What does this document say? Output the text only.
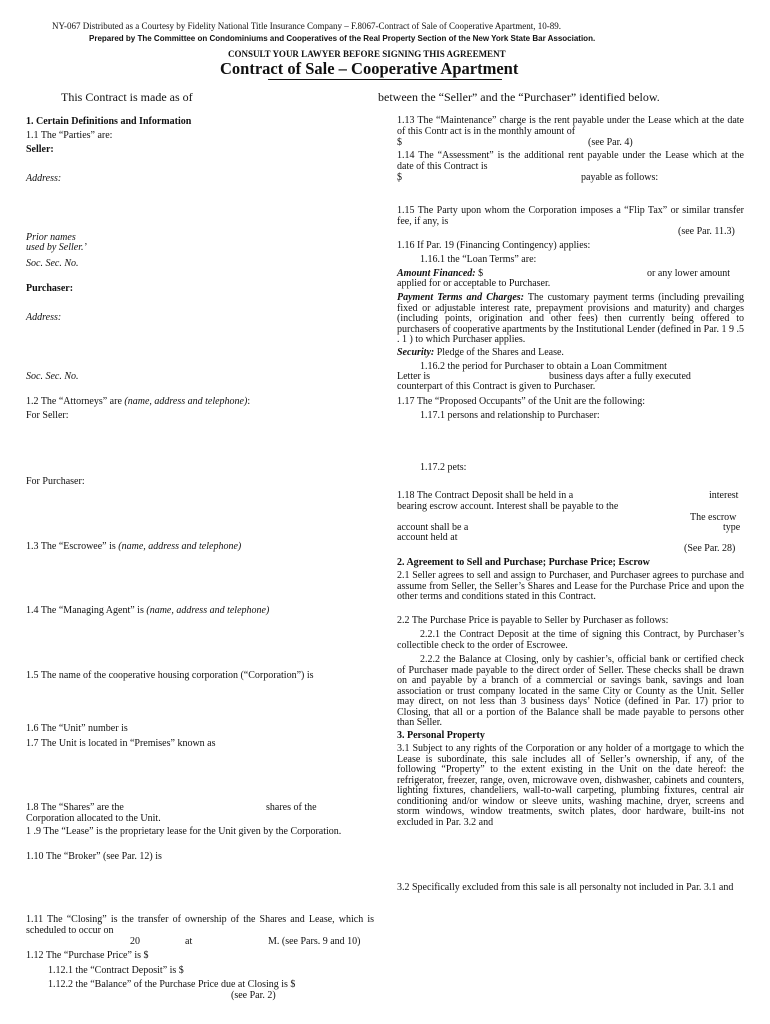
NY-067 Distributed as a Courtesy by Fidelity National Title Insurance Company – F.8067-Contract of Sale of Cooperative Apartment, 10-89.
Prepared by The Committee on Condominiums and Cooperatives of the Real Property Section of the New York State Bar Association.
CONSULT YOUR LAWYER BEFORE SIGNING THIS AGREEMENT
Contract of Sale – Cooperative Apartment
This Contract is made as of	between the “Seller” and the “Purchaser” identified below.
1. Certain Definitions and Information
1.1 The “Parties” are:
Seller:
Address:
Prior names
used by Seller.’
Soc. Sec. No.
Purchaser:
Address:
Soc. Sec. No.
1.2 The “Attorneys” are (name, address and telephone):
For Seller:
For Purchaser:
1.3 The “Escrowee” is (name, address and telephone)
1.4 The “Managing Agent” is (name, address and telephone)
1.5 The name of the cooperative housing corporation (“Corporation”) is
1.6 The “Unit” number is
1.7 The Unit is located in “Premises” known as
1.8 The “Shares” are the	shares of the
Corporation allocated to the Unit.
1 .9 The “Lease” is the proprietary lease for the Unit given by the Corporation.
1.10 The “Broker” (see Par. 12) is
1.11 The “Closing” is the transfer of ownership of the Shares and Lease, which is scheduled to occur on
20	at	M. (see Pars. 9 and 10)
1.12 The “Purchase Price” is $
1.12.1 the “Contract Deposit” is $
1.12.2 the “Balance” of the Purchase Price due at Closing is $
(see Par. 2)
1.13 The “Maintenance” charge is the rent payable under the Lease which at the date of this Contr act is in the monthly amount of
$	(see Par. 4)
1.14 The “Assessment” is the additional rent payable under the Lease which at the date of this Contract is
$	payable as follows:
`
1.15 The Party upon whom the Corporation imposes a “Flip Tax” or similar transfer fee, if any, is
(see Par. 11.3)
1.16 If Par. 19 (Financing Contingency) applies:
1.16.1 the “Loan Terms” are:
Amount Financed: $	or any lower amount
applied for or acceptable to Purchaser.
Payment Terms and Charges: The customary payment terms (including prevailing fixed or adjustable interest rate, prepayment provisions and maturity) and charges (including points, origination and other fees) then currently being offered to purchasers of cooperative apartments by the Institutional Lender (defined in Par. 1 9 .5 . 1 ) to which Purchaser applies.
Security: Pledge of the Shares and Lease.
1.16.2 the period for Purchaser to obtain a Loan Commitment
Letter is	business days after a fully executed
counterpart of this Contract is given to Purchaser.
1.17 The “Proposed Occupants” of the Unit are the following:
1.17.1 persons and relationship to Purchaser:
1.17.2 pets:
1.18 The Contract Deposit shall be held in a	interest
bearing escrow account. Interest shall be payable to the
The escrow
account shall be a	type
account held at
(See Par. 28)
2. Agreement to Sell and Purchase; Purchase Price; Escrow
2.1 Seller agrees to sell and assign to Purchaser, and Purchaser agrees to purchase and assume from Seller, the Seller’s Shares and Lease for the Purchase Price and upon the other terms and conditions stated in this Contract.
2.2 The Purchase Price is payable to Seller by Purchaser as follows:
2.2.1 the Contract Deposit at the time of signing this Contract, by Purchaser’s collectible check to the order of Escrowee.
2.2.2 the Balance at Closing, only by cashier’s, official bank or certified check of Purchaser made payable to the direct order of Seller. These checks shall be drawn on and payable by a branch of a commercial or savings bank, savings and loan association or trust company located in the same City or County as the Unit. Seller may direct, on not less than 3 business days’ Notice (defined in Par. 17) prior to Closing, that all or a portion of the Balance shall be made payable to persons other than Seller.
3. Personal Property
3.1 Subject to any rights of the Corporation or any holder of a mortgage to which the Lease is subordinate, this sale includes all of Seller’s ownership, if any, of the following “Property” to the extent existing in the Unit on the date hereof: the refrigerator, freezer, range, oven, microwave oven, dishwasher, cabinets and counters, lighting fixtures, chandeliers, wall-to-wall carpeting, plumbing fixtures, central air conditioning and/or window or sleeve units, washing machine, dryer, screens and storm windows, window treatments, switch plates, door hardware, built-ins not excluded in Par. 3.2 and
3.2 Specifically excluded from this sale is all personalty not included in Par. 3.1 and
